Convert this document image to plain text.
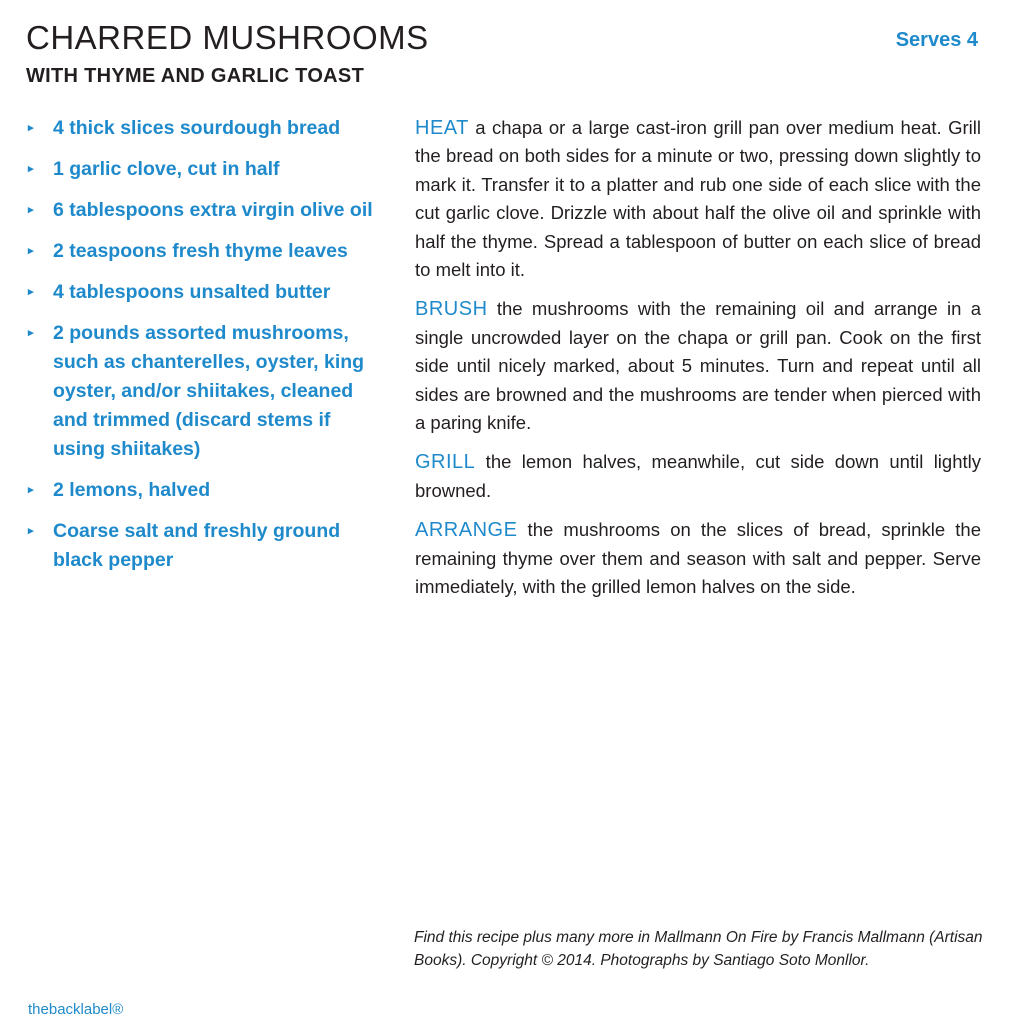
CHARRED MUSHROOMS
WITH THYME AND GARLIC TOAST
Serves 4
▸ 4 thick slices sourdough bread
▸ 1 garlic clove, cut in half
▸ 6 tablespoons extra virgin olive oil
▸ 2 teaspoons fresh thyme leaves
▸ 4 tablespoons unsalted butter
▸ 2 pounds assorted mushrooms, such as chanterelles, oyster, king oyster, and/or shiitakes, cleaned and trimmed (discard stems if using shiitakes)
▸ 2 lemons, halved
▸ Coarse salt and freshly ground black pepper

HEAT a chapa or a large cast-iron grill pan over medium heat. Grill the bread on both sides for a minute or two, pressing down slightly to mark it. Transfer it to a platter and rub one side of each slice with the cut garlic clove. Drizzle with about half the olive oil and sprinkle with half the thyme. Spread a tablespoon of butter on each slice of bread to melt into it.

BRUSH the mushrooms with the remaining oil and arrange in a single uncrowded layer on the chapa or grill pan. Cook on the first side until nicely marked, about 5 minutes. Turn and repeat until all sides are browned and the mushrooms are tender when pierced with a paring knife.

GRILL the lemon halves, meanwhile, cut side down until lightly browned.

ARRANGE the mushrooms on the slices of bread, sprinkle the remaining thyme over them and season with salt and pepper. Serve immediately, with the grilled lemon halves on the side.

Find this recipe plus many more in Mallmann On Fire by Francis Mallmann (Artisan Books). Copyright © 2014. Photographs by Santiago Soto Monllor.

thebacklabel®
